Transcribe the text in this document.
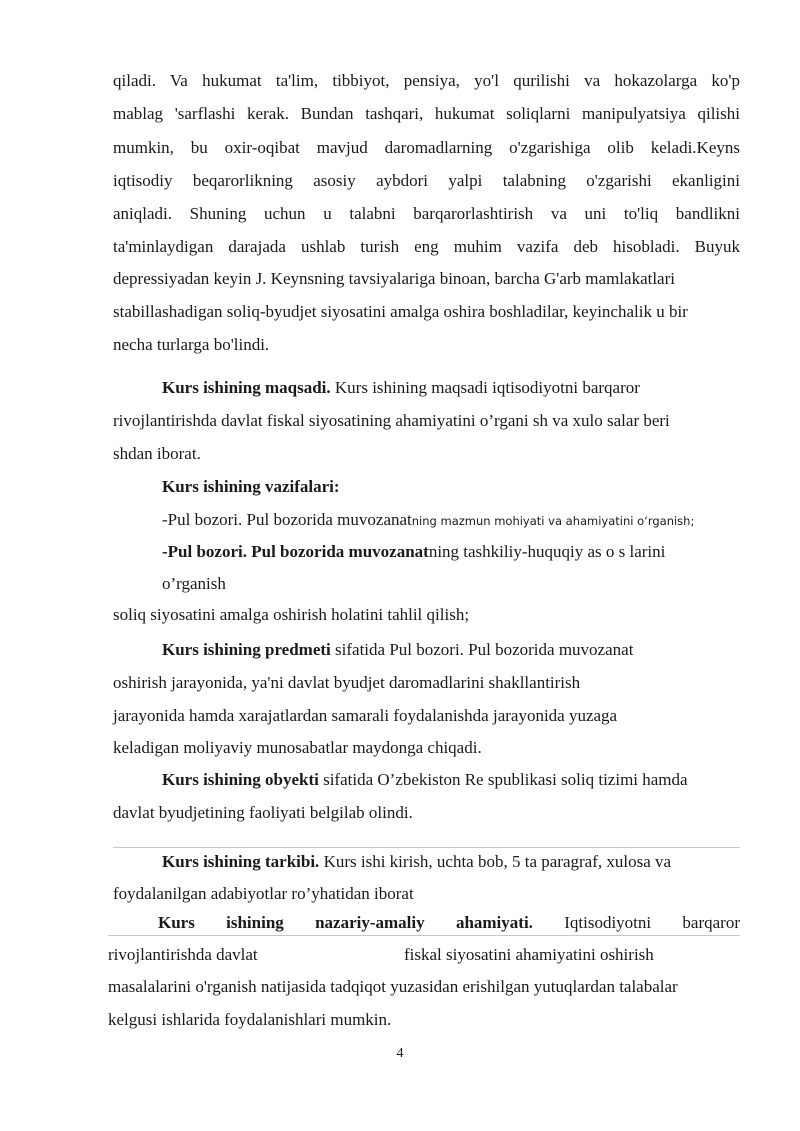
qiladi. Va hukumat ta'lim, tibbiyot, pensiya, yo'l qurilishi va hokazolarga ko'p
mablag 'sarflashi kerak. Bundan tashqari, hukumat soliqlarni manipulyatsiya qilishi
mumkin, bu oxir-oqibat mavjud daromadlarning o'zgarishiga olib keladi.Keyns
iqtisodiy beqarorlikning asosiy aybdori yalpi talabning o'zgarishi ekanligini
aniqladi. Shuning uchun u talabni barqarorlashtirish va uni to'liq bandlikni
ta'minlaydigan darajada ushlab turish eng muhim vazifa deb hisobladi. Buyuk
depressiyadan keyin J. Keynsning tavsiyalariga binoan, barcha G'arb mamlakatlari
stabillashadigan soliq-byudjet siyosatini amalga oshira boshladilar, keyinchalik u bir
necha turlarga bo'lindi.
Kurs ishining maqsadi. Kurs ishining maqsadi iqtisodiyotni barqaror
rivojlantirishda davlat fiskal siyosatining ahamiyatini o’rgani sh va xulo salar beri
shdan iborat.
Kurs ishining vazifalari:
-Pul bozori. Pul bozorida muvozanatning mazmun mohiyati va ahamiyatini o‘rganish;
-Pul bozori. Pul bozorida muvozanatning tashkiliy-huquqiy as o s larini
o’rganish
soliq siyosatini amalga oshirish holatini tahlil qilish;
Kurs ishining predmeti sifatida Pul bozori. Pul bozorida muvozanat
oshirish jarayonida, ya'ni davlat byudjet daromadlarini shakllantirish
jarayonida hamda xarajatlardan samarali foydalanishda jarayonida yuzaga
keladigan moliyaviy munosabatlar maydonga chiqadi.
Kurs ishining obyekti sifatida O’zbekiston Re spublikasi soliq tizimi hamda
davlat byudjetining faoliyati belgilab olindi.
Kurs ishining tarkibi. Kurs ishi kirish, uchta bob, 5 ta paragraf, xulosa va
foydalanilgan adabiyotlar ro’yhatidan iborat
Kurs ishining nazariy-amaliy ahamiyati. Iqtisodiyotni barqaror
rivojlantirishda davlat	fiskal siyosatini ahamiyatini oshirish
masalalarini o'rganish natijasida tadqiqot yuzasidan erishilgan yutuqlardan talabalar
kelgusi ishlarida foydalanishlari mumkin.
4
